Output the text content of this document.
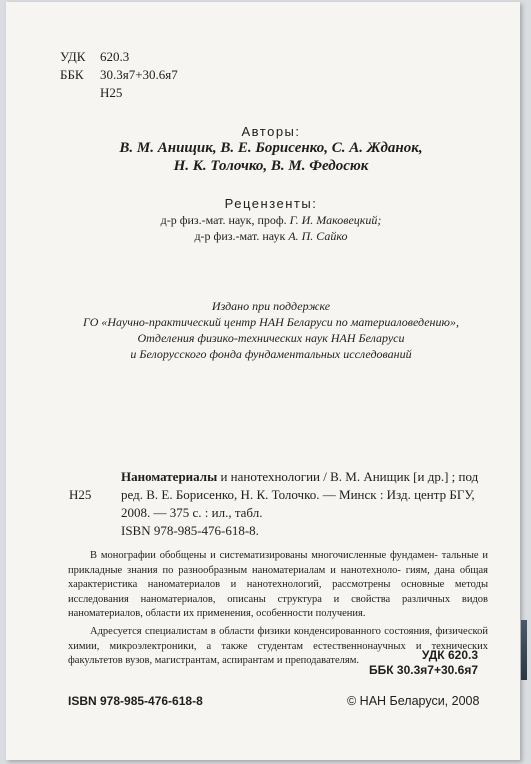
УДК 620.3
ББК 30.3я7+30.6я7
Н25
Авторы:
В. М. Анищик, В. Е. Борисенко, С. А. Жданок,
Н. К. Толочко, В. М. Федосюк
Рецензенты:
д-р физ.-мат. наук, проф. Г. И. Маковецкий;
д-р физ.-мат. наук А. П. Сайко
Издано при поддержке
ГО «Научно-практический центр НАН Беларуси по материаловедению»,
Отделения физико-технических наук НАН Беларуси
и Белорусского фонда фундаментальных исследований
Наноматериалы и нанотехнологии / В. М. Анищик [и др.] ; под
Н25 ред. В. Е. Борисенко, Н. К. Толочко. — Минск : Изд. центр БГУ,
2008. — 375 с. : ил., табл.
ISBN 978-985-476-618-8.

В монографии обобщены и систематизированы многочисленные фундамен- тальные и прикладные знания по разнообразным наноматериалам и нанотехноло- гиям, дана общая характеристика наноматериалов и нанотехнологий, рассмотрены основные методы исследования наноматериалов, описаны структура и свойства различных видов наноматериалов, области их применения, особенности получения.

Адресуется специалистам в области физики конденсированного состояния, физической химии, микроэлектроники, а также студентам естественнонаучных и технических факультетов вузов, магистрантам, аспирантам и преподавателям.	УДК 620.3
ББК 30.3я7+30.6я7
ISBN 978-985-476-618-8	© НАН Беларуси, 2008
